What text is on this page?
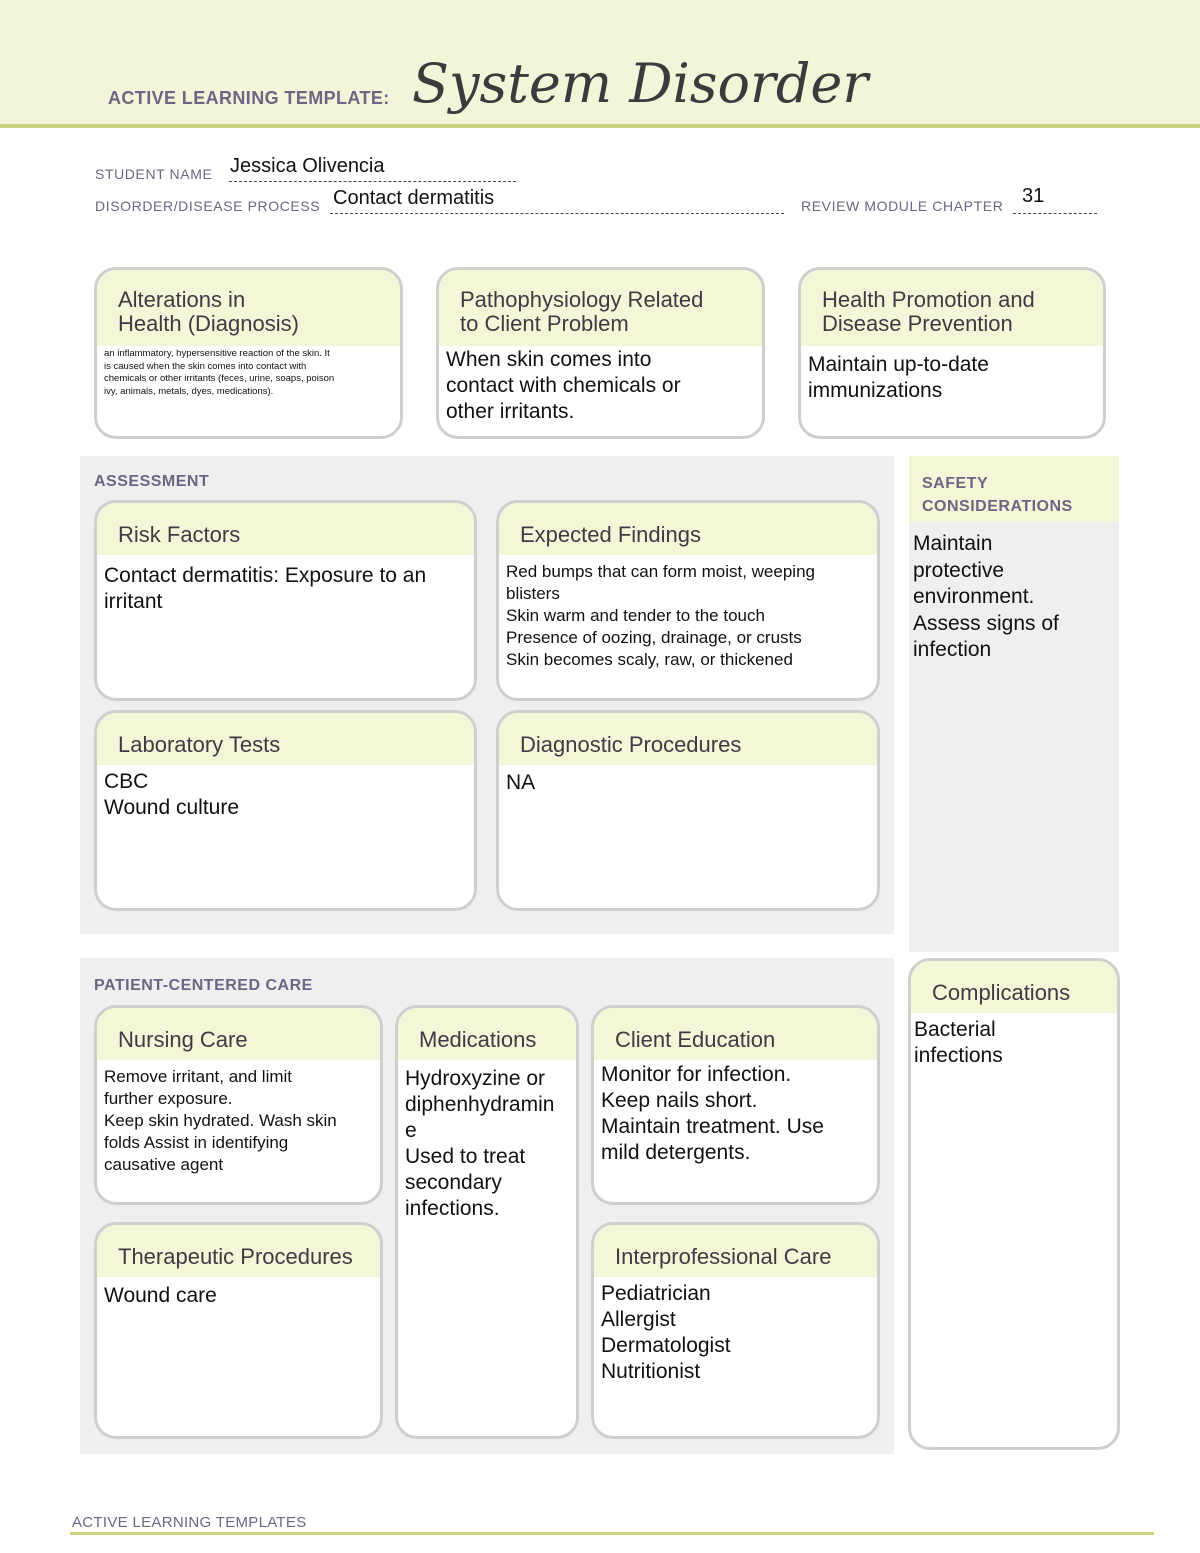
ACTIVE LEARNING TEMPLATE: System Disorder
STUDENT NAME Jessica Olivencia
DISORDER/DISEASE PROCESS Contact dermatitis	REVIEW MODULE CHAPTER 31
Alterations in
Health (Diagnosis)
an inflammatory, hypersensitive reaction of the skin. It
is caused when the skin comes into contact with
chemicals or other irritants (feces, urine, soaps, poison
ivy, animals, metals, dyes, medications).
Pathophysiology Related
to Client Problem
When skin comes into
contact with chemicals or
other irritants.
Health Promotion and
Disease Prevention
Maintain up-to-date
immunizations
ASSESSMENT
Risk Factors
Contact dermatitis: Exposure to an
irritant
Expected Findings
Red bumps that can form moist, weeping
blisters
Skin warm and tender to the touch
Presence of oozing, drainage, or crusts
Skin becomes scaly, raw, or thickened
Laboratory Tests
CBC
Wound culture
Diagnostic Procedures
NA
SAFETY
CONSIDERATIONS
Maintain
protective
environment.
Assess signs of
infection
PATIENT-CENTERED CARE
Nursing Care
Remove irritant, and limit
further exposure.
Keep skin hydrated. Wash skin
folds Assist in identifying
causative agent
Medications
Hydroxyzine or
diphenhydramin
e
Used to treat
secondary
infections.
Client Education
Monitor for infection.
Keep nails short.
Maintain treatment. Use
mild detergents.
Therapeutic Procedures
Wound care
Interprofessional Care
Pediatrician
Allergist
Dermatologist
Nutritionist
Complications
Bacterial
infections
ACTIVE LEARNING TEMPLATES
